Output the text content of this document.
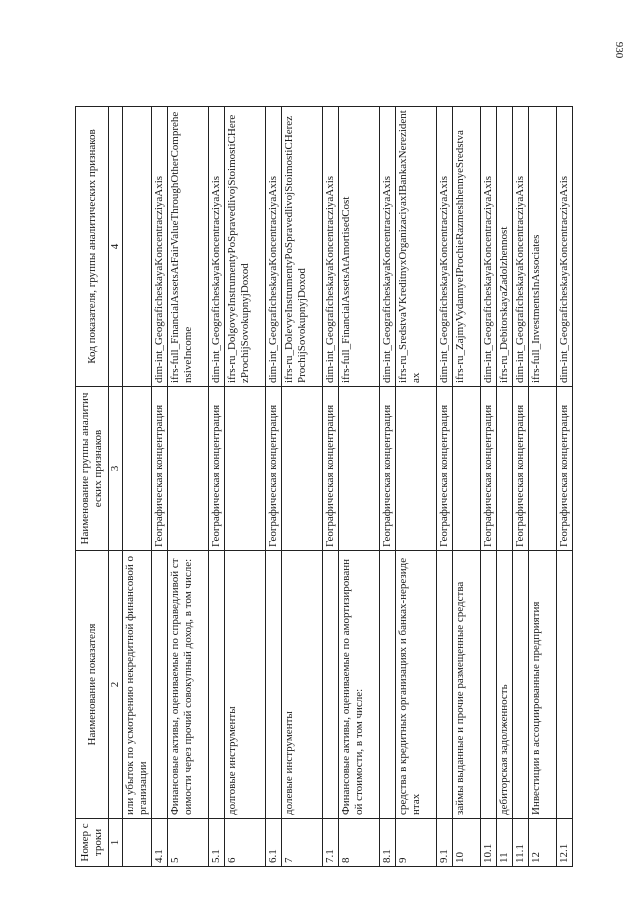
930
Номер строки	Наименование показателя	Наименование группы аналитических признаков	Код показателя, группы аналитических признаков
1	2	3	4
	или убыток по усмотрению некредитной финансовой организации		
4.1		Географическая концентрация	dim-int_GeograficheskayaKoncentracziyaAxis
5	Финансовые активы, оцениваемые по справедливой стоимости через прочий совокупный доход, в том числе:		ifrs-full_FinancialAssetsAtFairValueThroughOtherComprehensiveIncome
5.1		Географическая концентрация	dim-int_GeograficheskayaKoncentracziyaAxis
6	долговые инструменты		ifrs-ru_DolgovyeInstrumentyPoSpravedlivojStoimostiCHerezProchijSovokupnyjDoxod
6.1		Географическая концентрация	dim-int_GeograficheskayaKoncentracziyaAxis
7	долевые инструменты		ifrs-ru_DolevyeInstrumentyPoSpravedlivojStoimostiCHerezProchijSovokupnyjDoxod
7.1		Географическая концентрация	dim-int_GeograficheskayaKoncentracziyaAxis
8	Финансовые активы, оцениваемые по амортизированной стоимости, в том числе:		ifrs-full_FinancialAssetsAtAmortisedCost
8.1		Географическая концентрация	dim-int_GeograficheskayaKoncentracziyaAxis
9	средства в кредитных организациях и банках-нерезидентах		ifrs-ru_SredstvaVKreditnyxOrganizaciyaxIBankaxNerezidentax
9.1		Географическая концентрация	dim-int_GeograficheskayaKoncentracziyaAxis
10	займы выданные и прочие размещенные средства		ifrs-ru_ZajmyVydannyeIProchieRazmeshhennyeSredstva
10.1		Географическая концентрация	dim-int_GeograficheskayaKoncentracziyaAxis
11	дебиторская задолженность		ifrs-ru_DebitorskayaZadolzhennost
11.1		Географическая концентрация	dim-int_GeograficheskayaKoncentracziyaAxis
12	Инвестиции в ассоциированные предприятия		ifrs-full_InvestmentsInAssociates
12.1		Географическая концентрация	dim-int_GeograficheskayaKoncentracziyaAxis
